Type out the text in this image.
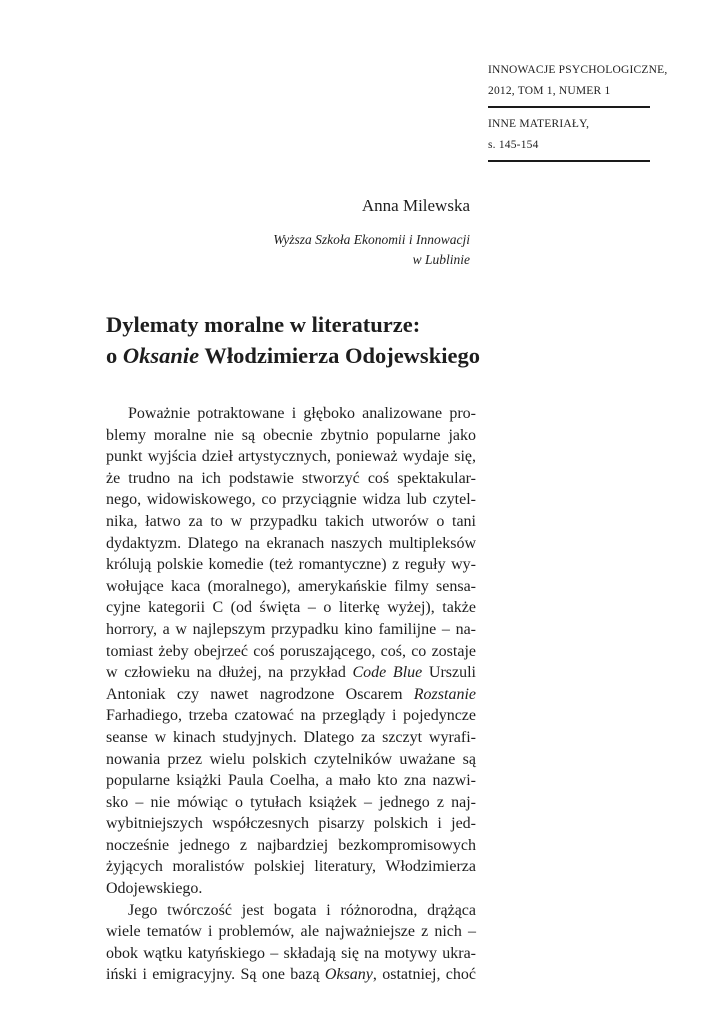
INNOWACJE PSYCHOLOGICZNE,
2012, TOM 1, NUMER 1
INNE MATERIAŁY,
s. 145-154
Anna Milewska
Wyższa Szkoła Ekonomii i Innowacji
w Lublinie
Dylematy moralne w literaturze:
o Oksanie Włodzimierza Odojewskiego
Poważnie potraktowane i głęboko analizowane pro-
blemy moralne nie są obecnie zbytnio popularne jako
punkt wyjścia dzieł artystycznych, ponieważ wydaje się,
że trudno na ich podstawie stworzyć coś spektakular-
nego, widowiskowego, co przyciągnie widza lub czytel-
nika, łatwo za to w przypadku takich utworów o tani
dydaktyzm. Dlatego na ekranach naszych multipleksów
królują polskie komedie (też romantyczne) z reguły wy-
wołujące kaca (moralnego), amerykańskie filmy sensa-
cyjne kategorii C (od święta – o literkę wyżej), także
horrory, a w najlepszym przypadku kino familijne – na-
tomiast żeby obejrzeć coś poruszającego, coś, co zostaje
w człowieku na dłużej, na przykład Code Blue Urszuli
Antoniak czy nawet nagrodzone Oscarem Rozstanie
Farhadiego, trzeba czatować na przeglądy i pojedyncze
seanse w kinach studyjnych. Dlatego za szczyt wyrafi-
nowania przez wielu polskich czytelników uważane są
popularne książki Paula Coelha, a mało kto zna nazwi-
sko – nie mówiąc o tytułach książek – jednego z naj-
wybitniejszych współczesnych pisarzy polskich i jed-
nocześnie jednego z najbardziej bezkompromisowych
żyjących moralistów polskiej literatury, Włodzimierza
Odojewskiego.
Jego twórczość jest bogata i różnorodna, drążąca
wiele tematów i problemów, ale najważniejsze z nich –
obok wątku katyńskiego – składają się na motywy ukra-
iński i emigracyjny. Są one bazą Oksany, ostatniej, choć
